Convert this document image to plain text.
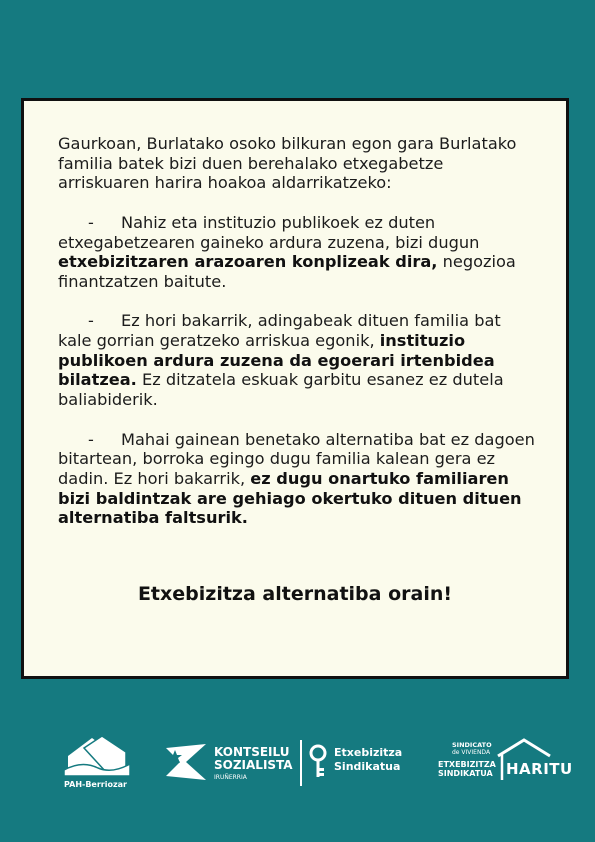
Gaurkoan, Burlatako osoko bilkuran egon gara Burlatako familia batek bizi duen berehalako etxegabetze arriskuaren harira hoakoa aldarrikatzeko:

- Nahiz eta instituzio publikoek ez duten etxegabetzearen gaineko ardura zuzena, bizi dugun etxebizitzaren arazoaren konplizeak dira, negozioa finantzatzen baitute.

- Ez hori bakarrik, adingabeak dituen familia bat kale gorrian geratzeko arriskua egonik, instituzio publikoen ardura zuzena da egoerari irtenbidea bilatzea. Ez ditzatela eskuak garbitu esanez ez dutela baliabiderik.

- Mahai gainean benetako alternatiba bat ez dagoen bitartean, borroka egingo dugu familia kalean gera ez dadin. Ez hori bakarrik, ez dugu onartuko familiaren bizi baldintzak are gehiago okertuko dituen dituen alternatiba faltsurik.

Etxebizitza alternatiba orain!
PAH-Berriozar
KONTSEILU
SOZIALISTA
IRUÑERRIA
Etxebizitza
Sindikatua
SINDICATO
de VIVIENDA
ETXEBIZITZA
SINDIKATUA HARITU
